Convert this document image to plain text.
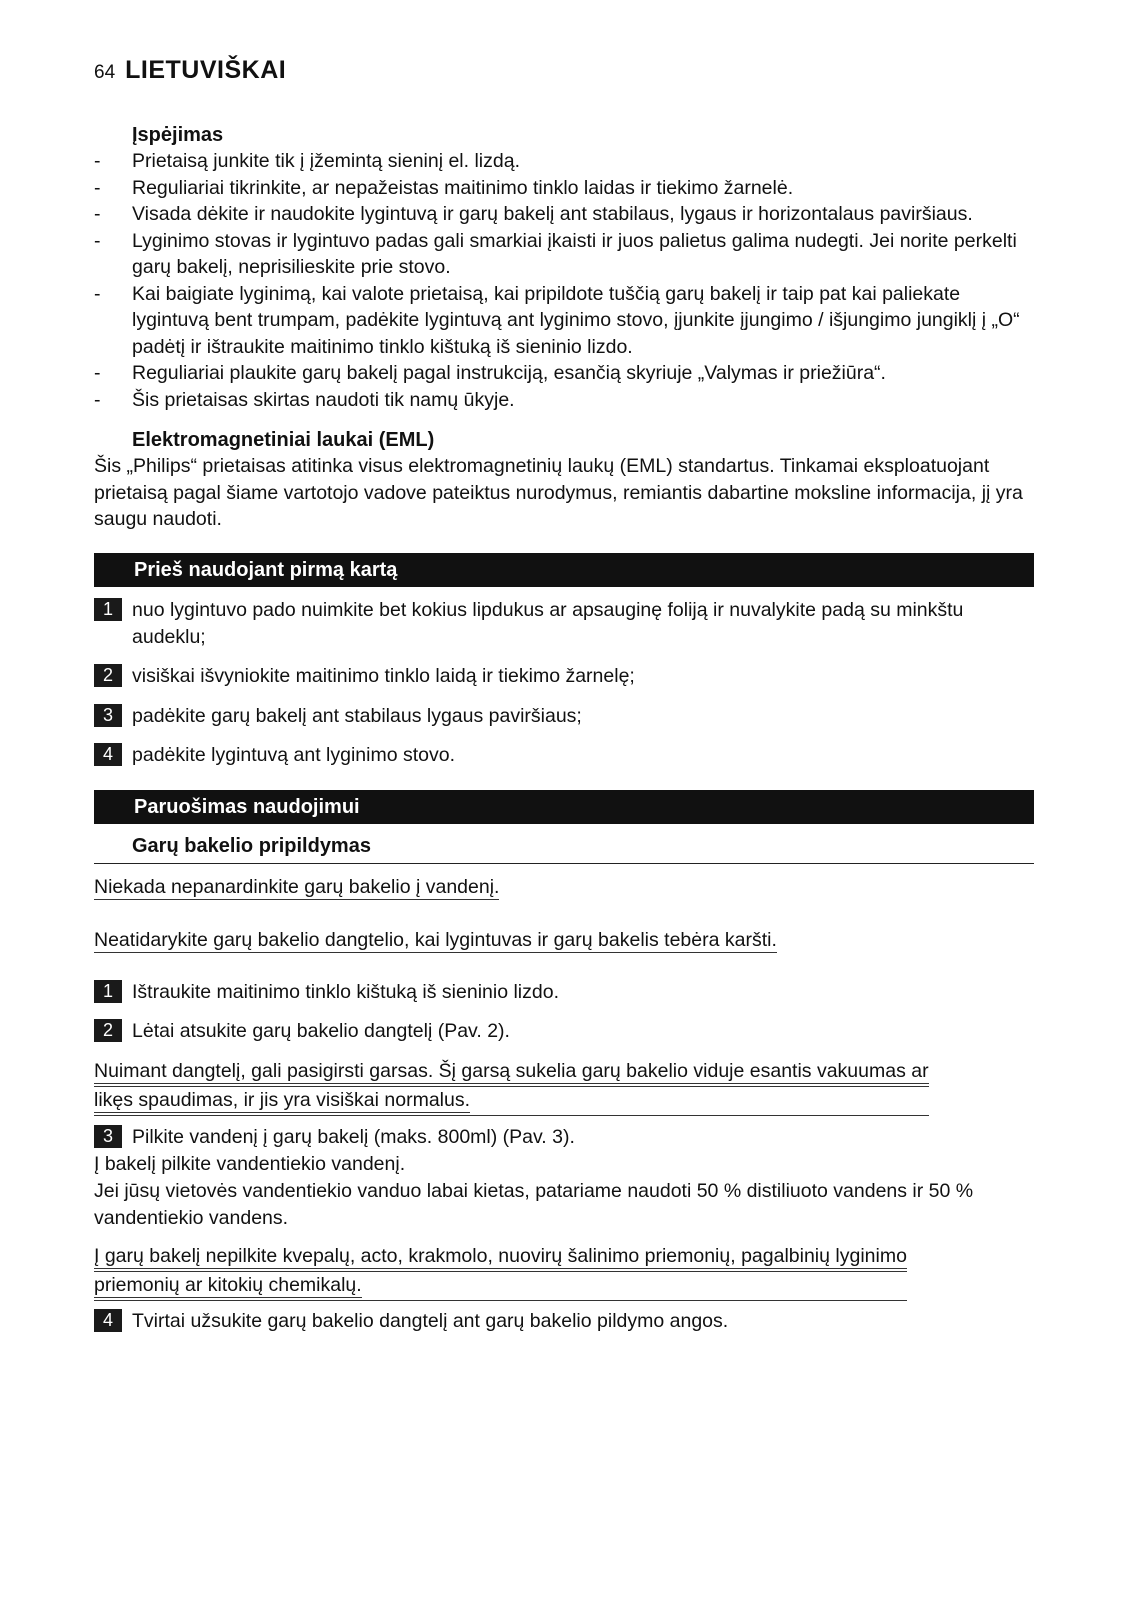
64 LIETUVIŠKAI
Įspėjimas
- Prietaisą junkite tik į įžemintą sieninį el. lizdą.
- Reguliariai tikrinkite, ar nepažeistas maitinimo tinklo laidas ir tiekimo žarnelė.
- Visada dėkite ir naudokite lygintuvą ir garų bakelį ant stabilaus, lygaus ir horizontalaus paviršiaus.
- Lyginimo stovas ir lygintuvo padas gali smarkiai įkaisti ir juos palietus galima nudegti. Jei norite perkelti garų bakelį, neprisilieskite prie stovo.
- Kai baigiate lyginimą, kai valote prietaisą, kai pripildote tuščią garų bakelį ir taip pat kai paliekate lygintuvą bent trumpam, padėkite lygintuvą ant lyginimo stovo, įjunkite įjungimo / išjungimo jungiklį į „O“ padėtį ir ištraukite maitinimo tinklo kištuką iš sieninio lizdo.
- Reguliariai plaukite garų bakelį pagal instrukciją, esančią skyriuje „Valymas ir priežiūra“.
- Šis prietaisas skirtas naudoti tik namų ūkyje.
Elektromagnetiniai laukai (EML)
Šis „Philips“ prietaisas atitinka visus elektromagnetinių laukų (EML) standartus. Tinkamai eksploatuojant prietaisą pagal šiame vartotojo vadove pateiktus nurodymus, remiantis dabartine moksline informacija, jį yra saugu naudoti.
Prieš naudojant pirmą kartą
1 nuo lygintuvo pado nuimkite bet kokius lipdukus ar apsauginę foliją ir nuvalykite padą su minkštu audeklu;
2 visiškai išvyniokite maitinimo tinklo laidą ir tiekimo žarnelę;
3 padėkite garų bakelį ant stabilaus lygaus paviršiaus;
4 padėkite lygintuvą ant lyginimo stovo.
Paruošimas naudojimui
Garų bakelio pripildymas
Niekada nepanardinkite garų bakelio į vandenį.
Neatidarykite garų bakelio dangtelio, kai lygintuvas ir garų bakelis tebėra karšti.
1 Ištraukite maitinimo tinklo kištuką iš sieninio lizdo.
2 Lėtai atsukite garų bakelio dangtelį (Pav. 2).
Nuimant dangtelį, gali pasigirsti garsas. Šį garsą sukelia garų bakelio viduje esantis vakuumas ar
likęs spaudimas, ir jis yra visiškai normalus.
3 Pilkite vandenį į garų bakelį (maks. 800ml) (Pav. 3).
Į bakelį pilkite vandentiekio vandenį.
Jei jūsų vietovės vandentiekio vanduo labai kietas, patariame naudoti 50 % distiliuoto vandens ir 50 % vandentiekio vandens.
Į garų bakelį nepilkite kvepalų, acto, krakmolo, nuovirų šalinimo priemonių, pagalbinių lyginimo
priemonių ar kitokių chemikalų.
4 Tvirtai užsukite garų bakelio dangtelį ant garų bakelio pildymo angos.
